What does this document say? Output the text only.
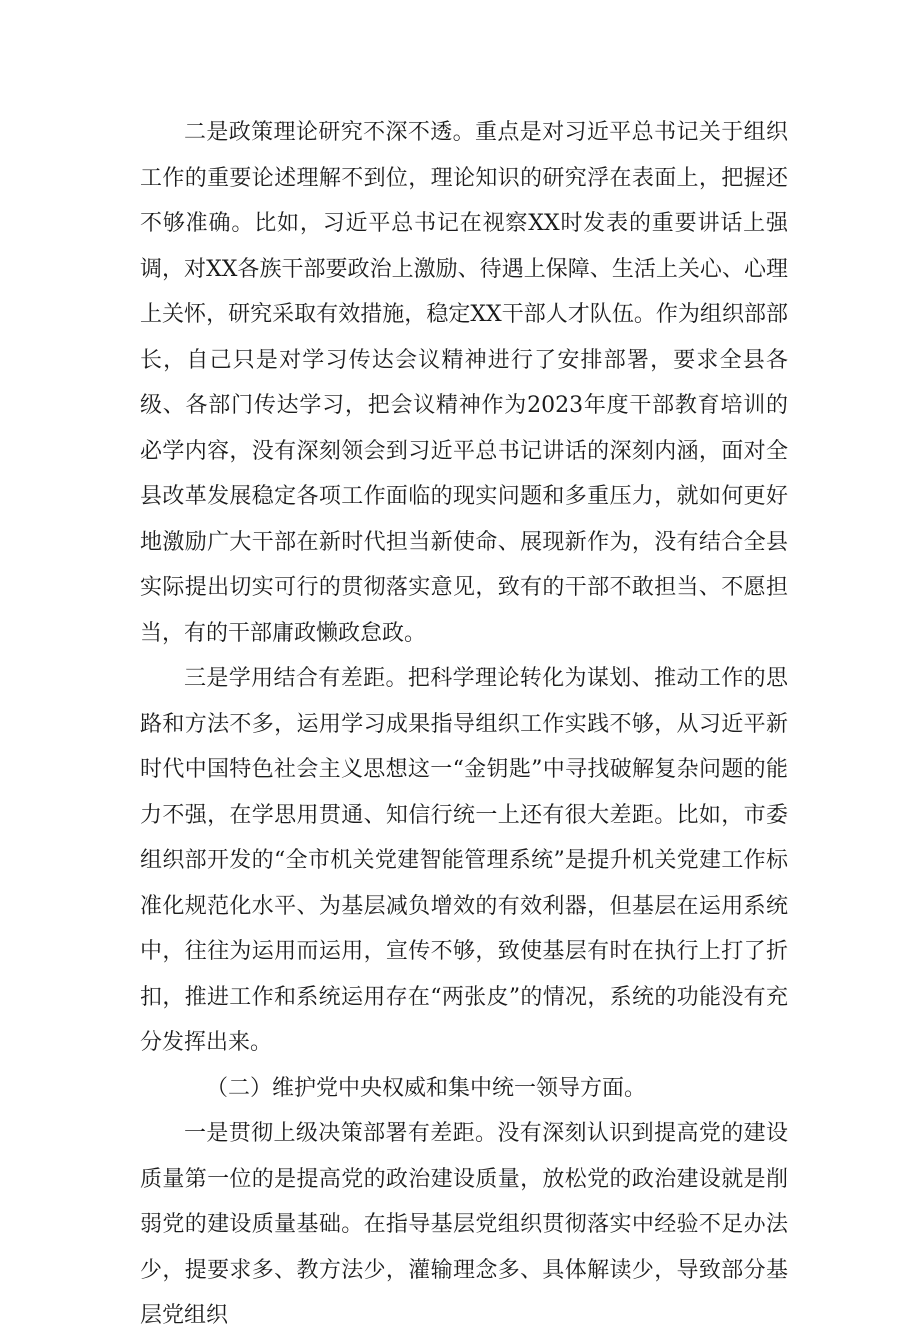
二是政策理论研究不深不透。重点是对习近平总书记关于组织工作的重要论述理解不到位，理论知识的研究浮在表面上，把握还不够准确。比如，习近平总书记在视察XX时发表的重要讲话上强调，对XX各族干部要政治上激励、待遇上保障、生活上关心、心理上关怀，研究采取有效措施，稳定XX干部人才队伍。作为组织部部长，自己只是对学习传达会议精神进行了安排部署，要求全县各级、各部门传达学习，把会议精神作为2023年度干部教育培训的必学内容，没有深刻领会到习近平总书记讲话的深刻内涵，面对全县改革发展稳定各项工作面临的现实问题和多重压力，就如何更好地激励广大干部在新时代担当新使命、展现新作为，没有结合全县实际提出切实可行的贯彻落实意见，致有的干部不敢担当、不愿担当，有的干部庸政懒政怠政。

三是学用结合有差距。把科学理论转化为谋划、推动工作的思路和方法不多，运用学习成果指导组织工作实践不够，从习近平新时代中国特色社会主义思想这一“金钥匙”中寻找破解复杂问题的能力不强，在学思用贯通、知信行统一上还有很大差距。比如，市委组织部开发的“全市机关党建智能管理系统”是提升机关党建工作标准化规范化水平、为基层减负增效的有效利器，但基层在运用系统中，往往为运用而运用，宣传不够，致使基层有时在执行上打了折扣，推进工作和系统运用存在“两张皮”的情况，系统的功能没有充分发挥出来。

（二）维护党中央权威和集中统一领导方面。

一是贯彻上级决策部署有差距。没有深刻认识到提高党的建设质量第一位的是提高党的政治建设质量，放松党的政治建设就是削弱党的建设质量基础。在指导基层党组织贯彻落实中经验不足办法少，提要求多、教方法少，灌输理念多、具体解读少，导致部分基层党组织
